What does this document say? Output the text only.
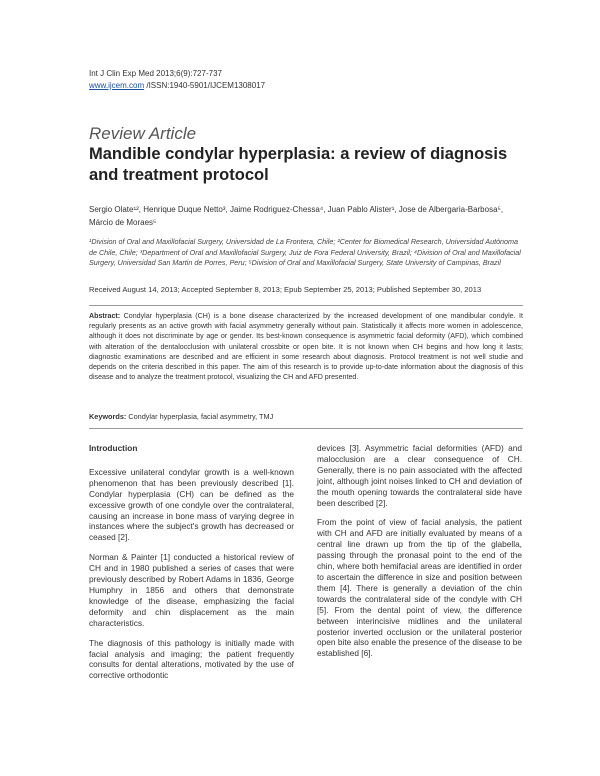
Int J Clin Exp Med 2013;6(9):727-737
www.ijcem.com /ISSN:1940-5901/IJCEM1308017
Review Article
Mandible condylar hyperplasia: a review of diagnosis and treatment protocol
Sergio Olate¹², Henrique Duque Netto³, Jaime Rodriguez-Chessa⁴, Juan Pablo Alister¹, Jose de Albergaria-Barbosa⁵, Márcio de Moraes⁵
¹Division of Oral and Maxillofacial Surgery, Universidad de La Frontera, Chile; ²Center for Biomedical Research, Universidad Autónoma de Chile, Chile; ³Department of Oral and Maxillofacial Surgery, Juiz de Fora Federal University, Brazil; ⁴Division of Oral and Maxillofacial Surgery, Universidad San Martin de Porres, Peru; ⁵Division of Oral and Maxillofacial Surgery, State University of Campinas, Brazil
Received August 14, 2013; Accepted September 8, 2013; Epub September 25, 2013; Published September 30, 2013
Abstract: Condylar hyperplasia (CH) is a bone disease characterized by the increased development of one mandibular condyle. It regularly presents as an active growth with facial asymmetry generally without pain. Statistically it affects more women in adolescence, although it does not discriminate by age or gender. Its best-known consequence is asymmetric facial deformity (AFD), which combined with alteration of the dentalocclusion with unilateral crossbite or open bite. It is not known when CH begins and how long it lasts; diagnostic examinations are described and are efficient in some research about diagnosis. Protocol treatment is not well studie and depends on the criteria described in this paper. The aim of this research is to provide up-to-date information about the diagnosis of this disease and to analyze the treatment protocol, visualizing the CH and AFD presented.
Keywords: Condylar hyperplasia, facial asymmetry, TMJ
Introduction

Excessive unilateral condylar growth is a well-known phenomenon that has been previously described [1]. Condylar hyperplasia (CH) can be defined as the excessive growth of one condyle over the contralateral, causing an increase in bone mass of varying degree in instances where the subject's growth has decreased or ceased [2].

Norman & Painter [1] conducted a historical review of CH and in 1980 published a series of cases that were previously described by Robert Adams in 1836, George Humphry in 1856 and others that demonstrate knowledge of the disease, emphasizing the facial deformity and chin displacement as the main characteristics.

The diagnosis of this pathology is initially made with facial analysis and imaging; the patient frequently consults for dental alterations, motivated by the use of corrective orthodontic

devices [3]. Asymmetric facial deformities (AFD) and malocclusion are a clear consequence of CH. Generally, there is no pain associated with the affected joint, although joint noises linked to CH and deviation of the mouth opening towards the contralateral side have been described [2].

From the point of view of facial analysis, the patient with CH and AFD are initially evaluated by means of a central line drawn up from the tip of the glabella, passing through the pronasal point to the end of the chin, where both hemifacial areas are identified in order to ascertain the difference in size and position between them [4]. There is generally a deviation of the chin towards the contralateral side of the condyle with CH [5]. From the dental point of view, the difference between interincisive midlines and the unilateral posterior inverted occlusion or the unilateral posterior open bite also enable the presence of the disease to be established [6].
